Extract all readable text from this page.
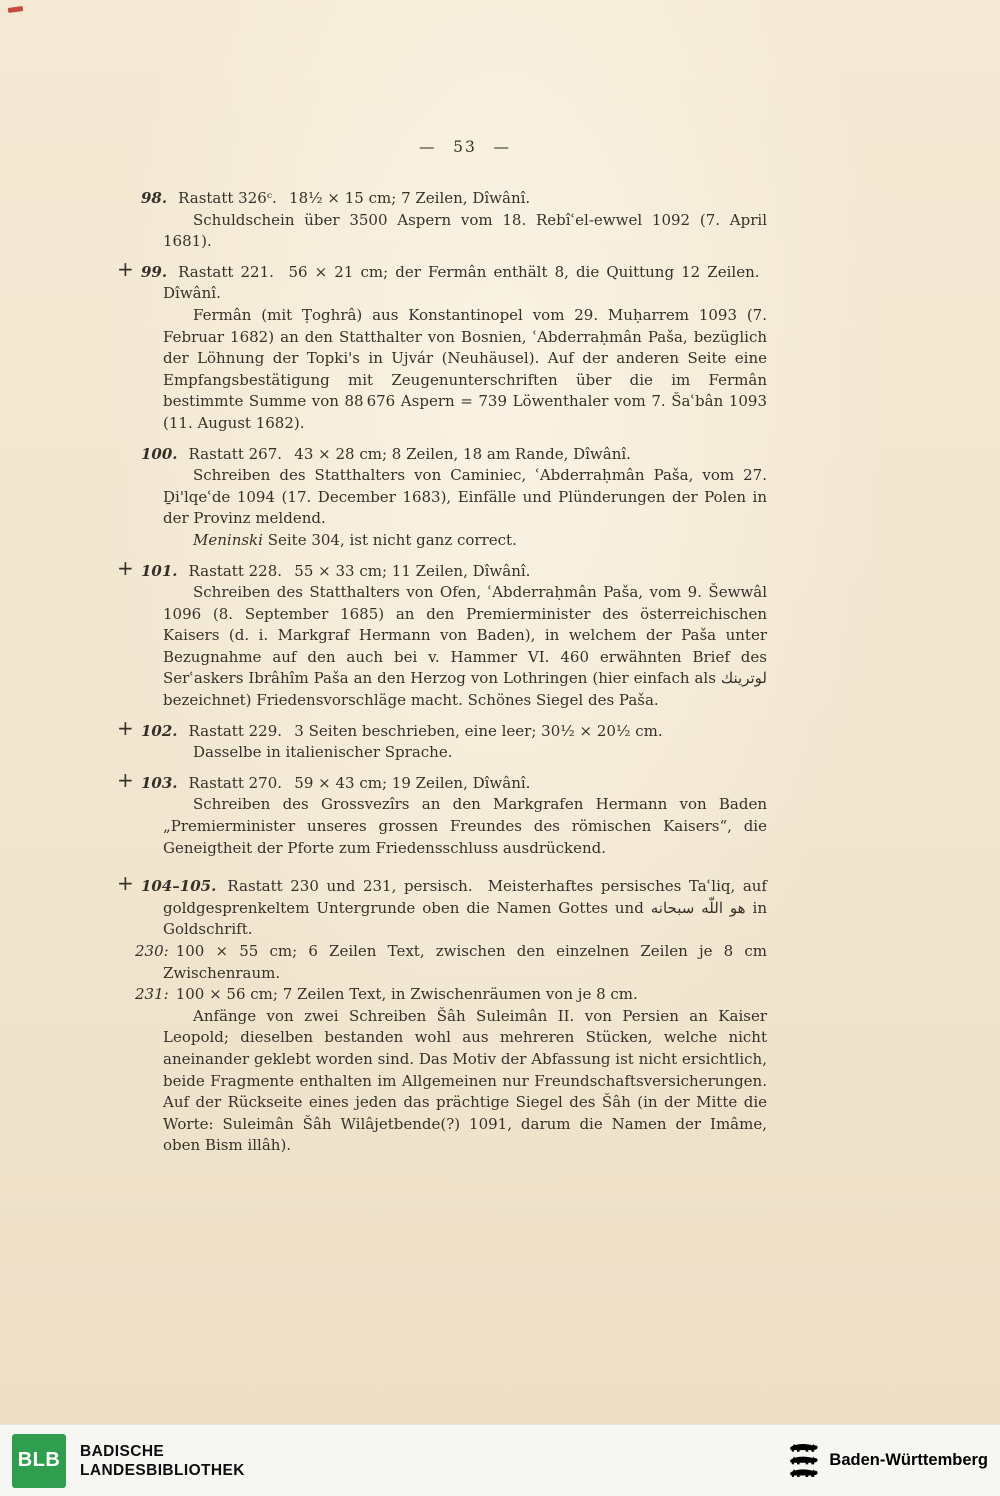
—  53  —

98. Rastatt 326ᶜ.  18¹⁄₂ × 15 cm; 7 Zeilen, Dîwânî.

Schuldschein über 3500 Aspern vom 18. Rebîʿel-ewwel 1092 (7. April 1681).

+ 99. Rastatt 221.  56 × 21 cm; der Fermân enthält 8, die Quittung 12 Zeilen.  Dîwânî.

Fermân (mit Ṭoghrâ) aus Konstantinopel vom 29. Muḥarrem 1093 (7. Februar 1682) an den Statthalter von Bosnien, ʿAbderraḥmân Paša, bezüglich der Löhnung der Topki's in Ujvár (Neuhäusel). Auf der anderen Seite eine Empfangsbestätigung mit Zeugenunterschriften über die im Fermân bestimmte Summe von 88 676 Aspern = 739 Löwenthaler vom 7. Šaʿbân 1093 (11. August 1682).

100. Rastatt 267.  43 × 28 cm; 8 Zeilen, 18 am Rande, Dîwânî.

Schreiben des Statthalters von Caminiec, ʿAbderraḥmân Paša, vom 27. Ḏi'lqeʿde 1094 (17. December 1683), Einfälle und Plünderungen der Polen in der Provinz meldend.

Meninski Seite 304, ist nicht ganz correct.

+ 101. Rastatt 228.  55 × 33 cm; 11 Zeilen, Dîwânî.

Schreiben des Statthalters von Ofen, ʿAbderraḥmân Paša, vom 9. Šewwâl 1096 (8. September 1685) an den Premierminister des österreichischen Kaisers (d. i. Markgraf Hermann von Baden), in welchem der Paša unter Bezugnahme auf den auch bei v. Hammer VI. 460 erwähnten Brief des Serʿaskers Ibrâhîm Paša an den Herzog von Lothringen (hier einfach als لوترينك bezeichnet) Friedensvorschläge macht. Schönes Siegel des Paša.

+ 102. Rastatt 229.  3 Seiten beschrieben, eine leer; 30¹⁄₂ × 20¹⁄₂ cm.

Dasselbe in italienischer Sprache.

+ 103. Rastatt 270.  59 × 43 cm; 19 Zeilen, Dîwânî.

Schreiben des Grossvezîrs an den Markgrafen Hermann von Baden „Premierminister unseres grossen Freundes des römischen Kaisers“, die Geneigtheit der Pforte zum Friedensschluss ausdrückend.

+ 104–105. Rastatt 230 und 231, persisch.  Meisterhaftes persisches Taʿliq, auf goldgesprenkeltem Untergrunde oben die Namen Gottes und هو اللّه سبحانه in Goldschrift.

230: 100 × 55 cm; 6 Zeilen Text, zwischen den einzelnen Zeilen je 8 cm Zwischenraum.

231: 100 × 56 cm; 7 Zeilen Text, in Zwischenräumen von je 8 cm.

Anfänge von zwei Schreiben Šâh Suleimân II. von Persien an Kaiser Leopold; dieselben bestanden wohl aus mehreren Stücken, welche nicht aneinander geklebt worden sind. Das Motiv der Abfassung ist nicht ersichtlich, beide Fragmente enthalten im Allgemeinen nur Freundschaftsversicherungen. Auf der Rückseite eines jeden das prächtige Siegel des Šâh (in der Mitte die Worte: Suleimân Šâh Wilâjetbende(?) 1091, darum die Namen der Imâme, oben Bism illâh).

BLB	BADISCHE
LANDESBIBLIOTHEK
Baden-Württemberg
